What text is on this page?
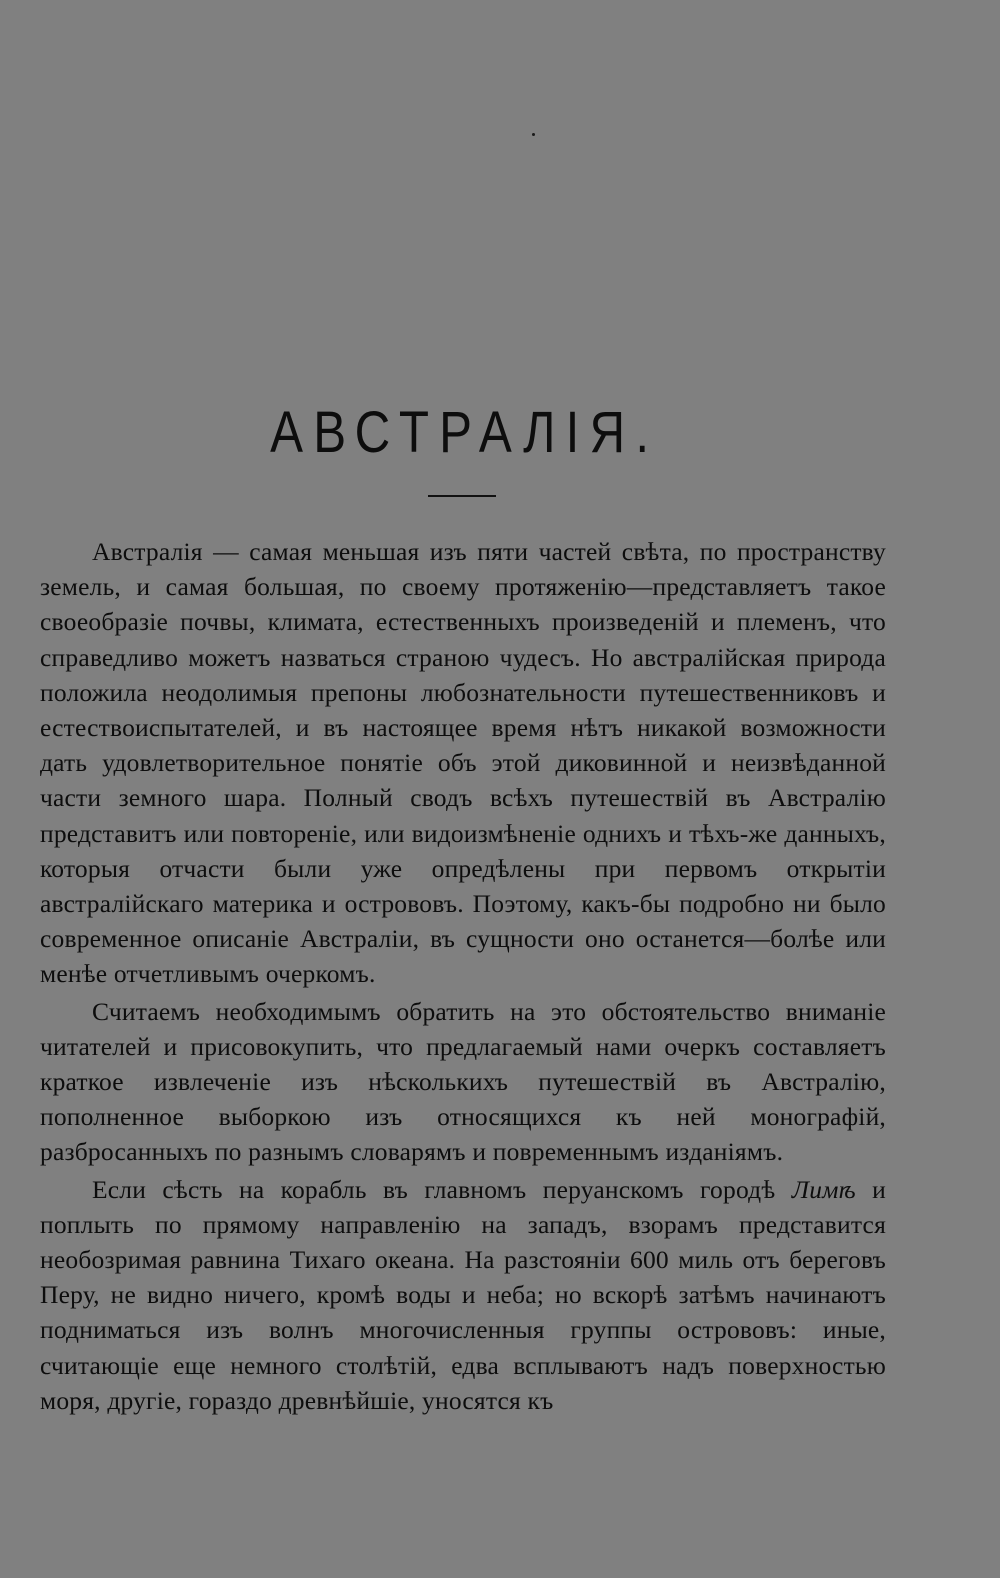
АВСТРАЛІЯ.

Австралія — самая меньшая изъ пяти частей свѣта, по пространству земель, и самая большая, по своему протяженію—представляетъ такое своеобразіе почвы, климата, естественныхъ произведеній и племенъ, что справедливо можетъ назваться страною чудесъ. Но австралійская природа положила неодолимыя препоны любознательности путешественниковъ и естествоиспытателей, и въ настоящее время нѣтъ никакой возможности дать удовлетворительное понятіе объ этой диковинной и неизвѣданной части земного шара. Полный сводъ всѣхъ путешествій въ Австралію представитъ или повтореніе, или видоизмѣненіе однихъ и тѣхъ-же данныхъ, которыя отчасти были уже опредѣлены при первомъ открытіи австралійскаго материка и острововъ. Поэтому, какъ-бы подробно ни было современное описаніе Австраліи, въ сущности оно останется—болѣе или менѣе отчетливымъ очеркомъ.

Считаемъ необходимымъ обратить на это обстоятельство вниманіе читателей и присовокупить, что предлагаемый нами очеркъ составляетъ краткое извлеченіе изъ нѣсколькихъ путешествій въ Австралію, пополненное выборкою изъ относящихся къ ней монографій, разбросанныхъ по разнымъ словарямъ и повременнымъ изданіямъ.

Если сѣсть на корабль въ главномъ перуанскомъ городѣ Лимѣ и поплыть по прямому направленію на западъ, взорамъ представится необозримая равнина Тихаго океана. На разстояніи 600 миль отъ береговъ Перу, не видно ничего, кромѣ воды и неба; но вскорѣ затѣмъ начинаютъ подниматься изъ волнъ многочисленныя группы острововъ: иные, считающіе еще немного столѣтій, едва всплываютъ надъ поверхностью моря, другіе, гораздо древнѣйшіе, уносятся къ
